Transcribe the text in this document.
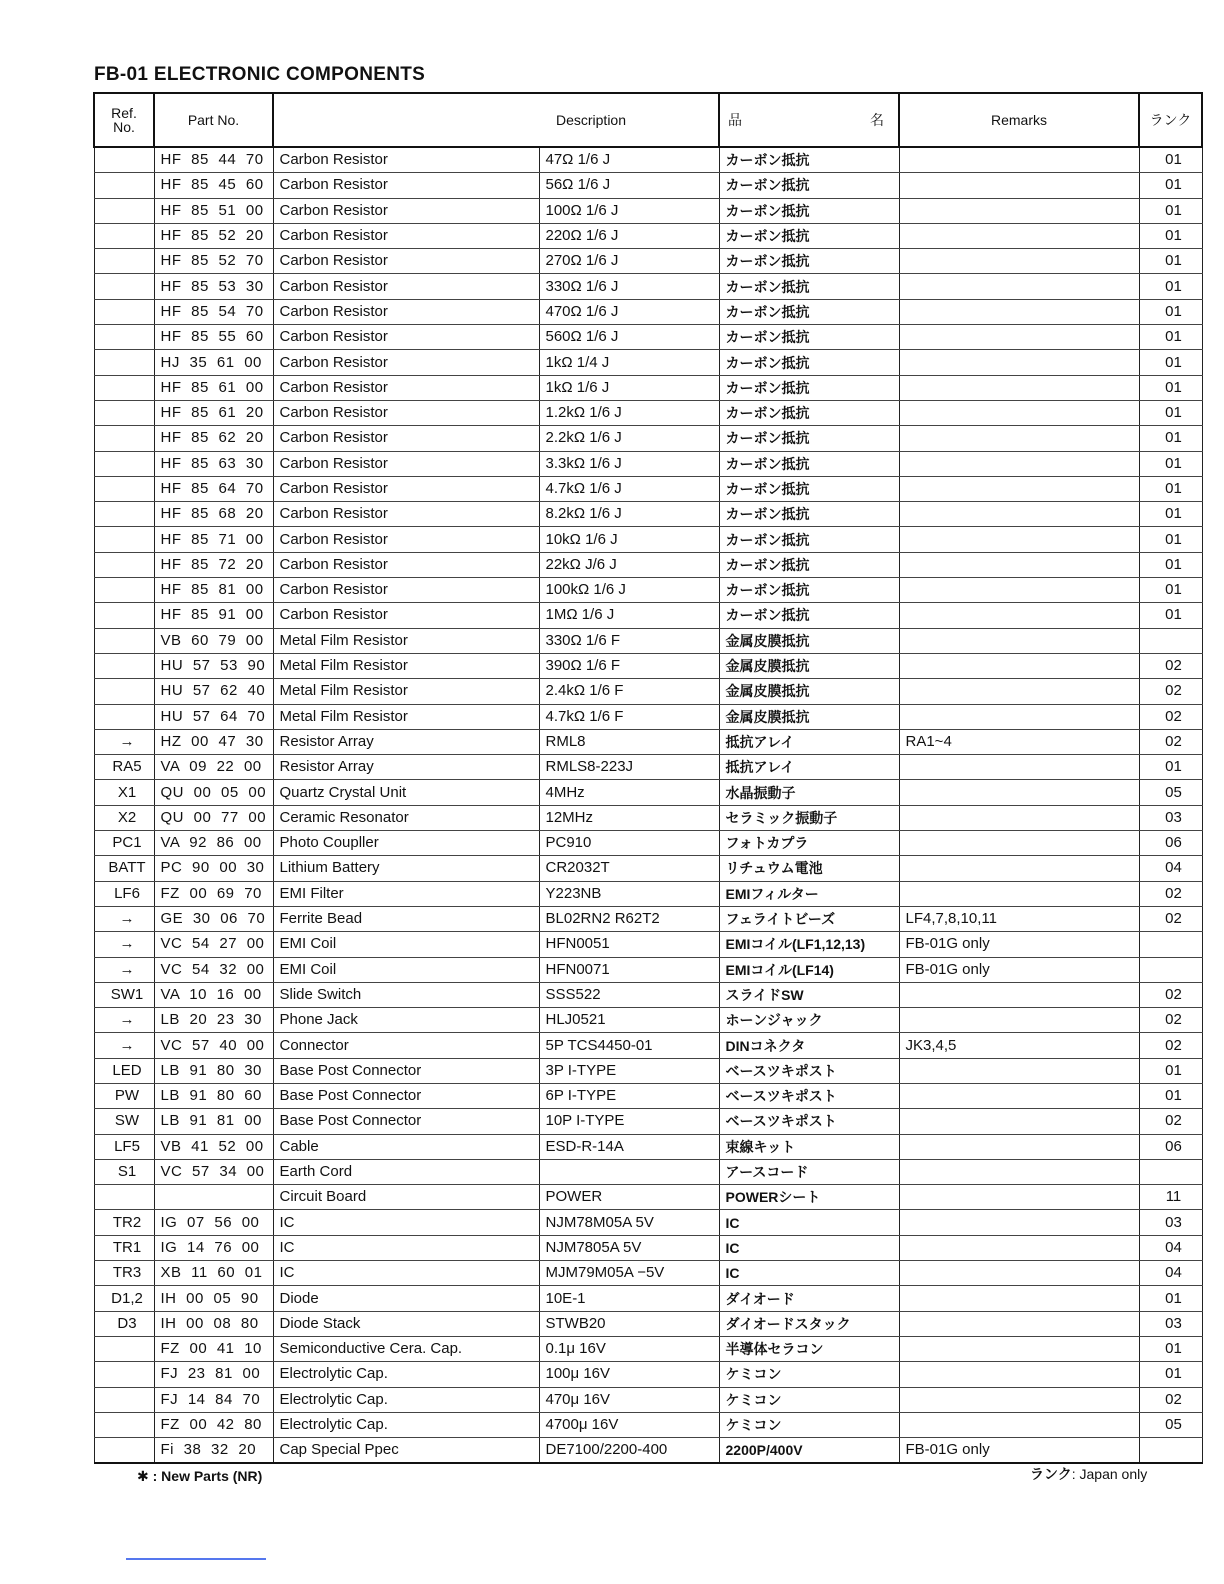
FB-01 ELECTRONIC COMPONENTS
Ref.
No.	Part No.	Description		品 名	Remarks	ランク
	HF 85 44 70	Carbon Resistor	47Ω 1/6 J	カーボン抵抗		01
	HF 85 45 60	Carbon Resistor	56Ω 1/6 J	カーボン抵抗		01
	HF 85 51 00	Carbon Resistor	100Ω 1/6 J	カーボン抵抗		01
	HF 85 52 20	Carbon Resistor	220Ω 1/6 J	カーボン抵抗		01
	HF 85 52 70	Carbon Resistor	270Ω 1/6 J	カーボン抵抗		01
	HF 85 53 30	Carbon Resistor	330Ω 1/6 J	カーボン抵抗		01
	HF 85 54 70	Carbon Resistor	470Ω 1/6 J	カーボン抵抗		01
	HF 85 55 60	Carbon Resistor	560Ω 1/6 J	カーボン抵抗		01
	HJ 35 61 00	Carbon Resistor	1kΩ 1/4 J	カーボン抵抗		01
	HF 85 61 00	Carbon Resistor	1kΩ 1/6 J	カーボン抵抗		01
	HF 85 61 20	Carbon Resistor	1.2kΩ 1/6 J	カーボン抵抗		01
	HF 85 62 20	Carbon Resistor	2.2kΩ 1/6 J	カーボン抵抗		01
	HF 85 63 30	Carbon Resistor	3.3kΩ 1/6 J	カーボン抵抗		01
	HF 85 64 70	Carbon Resistor	4.7kΩ 1/6 J	カーボン抵抗		01
	HF 85 68 20	Carbon Resistor	8.2kΩ 1/6 J	カーボン抵抗		01
	HF 85 71 00	Carbon Resistor	10kΩ 1/6 J	カーボン抵抗		01
	HF 85 72 20	Carbon Resistor	22kΩ J/6 J	カーボン抵抗		01
	HF 85 81 00	Carbon Resistor	100kΩ 1/6 J	カーボン抵抗		01
	HF 85 91 00	Carbon Resistor	1MΩ 1/6 J	カーボン抵抗		01
	VB 60 79 00	Metal Film Resistor	330Ω 1/6 F	金属皮膜抵抗		
	HU 57 53 90	Metal Film Resistor	390Ω 1/6 F	金属皮膜抵抗		02
	HU 57 62 40	Metal Film Resistor	2.4kΩ 1/6 F	金属皮膜抵抗		02
	HU 57 64 70	Metal Film Resistor	4.7kΩ 1/6 F	金属皮膜抵抗		02
→	HZ 00 47 30	Resistor Array	RML8	抵抗アレイ	RA1~4	02
RA5	VA 09 22 00	Resistor Array	RMLS8-223J	抵抗アレイ		01
X1	QU 00 05 00	Quartz Crystal Unit	4MHz	水晶振動子		05
X2	QU 00 77 00	Ceramic Resonator	12MHz	セラミック振動子		03
PC1	VA 92 86 00	Photo Coupller	PC910	フォトカプラ		06
BATT	PC 90 00 30	Lithium Battery	CR2032T	リチュウム電池		04
LF6	FZ 00 69 70	EMI Filter	Y223NB	EMIフィルター		02
→	GE 30 06 70	Ferrite Bead	BL02RN2 R62T2	フェライトビーズ	LF4,7,8,10,11	02
→	VC 54 27 00	EMI Coil	HFN0051	EMIコイル(LF1,12,13)	FB-01G only	
→	VC 54 32 00	EMI Coil	HFN0071	EMIコイル(LF14)	FB-01G only	
SW1	VA 10 16 00	Slide Switch	SSS522	スライドSW		02
→	LB 20 23 30	Phone Jack	HLJ0521	ホーンジャック		02
→	VC 57 40 00	Connector	5P TCS4450-01	DINコネクタ	JK3,4,5	02
LED	LB 91 80 30	Base Post Connector	3P I-TYPE	ベースツキポスト		01
PW	LB 91 80 60	Base Post Connector	6P I-TYPE	ベースツキポスト		01
SW	LB 91 81 00	Base Post Connector	10P I-TYPE	ベースツキポスト		02
LF5	VB 41 52 00	Cable	ESD-R-14A	束線キット		06
S1	VC 57 34 00	Earth Cord		アースコード		
		Circuit Board	POWER	POWERシート		11
TR2	IG 07 56 00	IC	NJM78M05A 5V	IC		03
TR1	IG 14 76 00	IC	NJM7805A 5V	IC		04
TR3	XB 11 60 01	IC	MJM79M05A −5V	IC		04
D1,2	IH 00 05 90	Diode	10E-1	ダイオード		01
D3	IH 00 08 80	Diode Stack	STWB20	ダイオードスタック		03
	FZ 00 41 10	Semiconductive Cera. Cap.	0.1μ 16V	半導体セラコン		01
	FJ 23 81 00	Electrolytic Cap.	100μ 16V	ケミコン		01
	FJ 14 84 70	Electrolytic Cap.	470μ 16V	ケミコン		02
	FZ 00 42 80	Electrolytic Cap.	4700μ 16V	ケミコン		05
	Fi 38 32 20	Cap Special Ppec	DE7100/2200-400	2200P/400V	FB-01G only	
✱ : New Parts (NR)	ランク: Japan only
